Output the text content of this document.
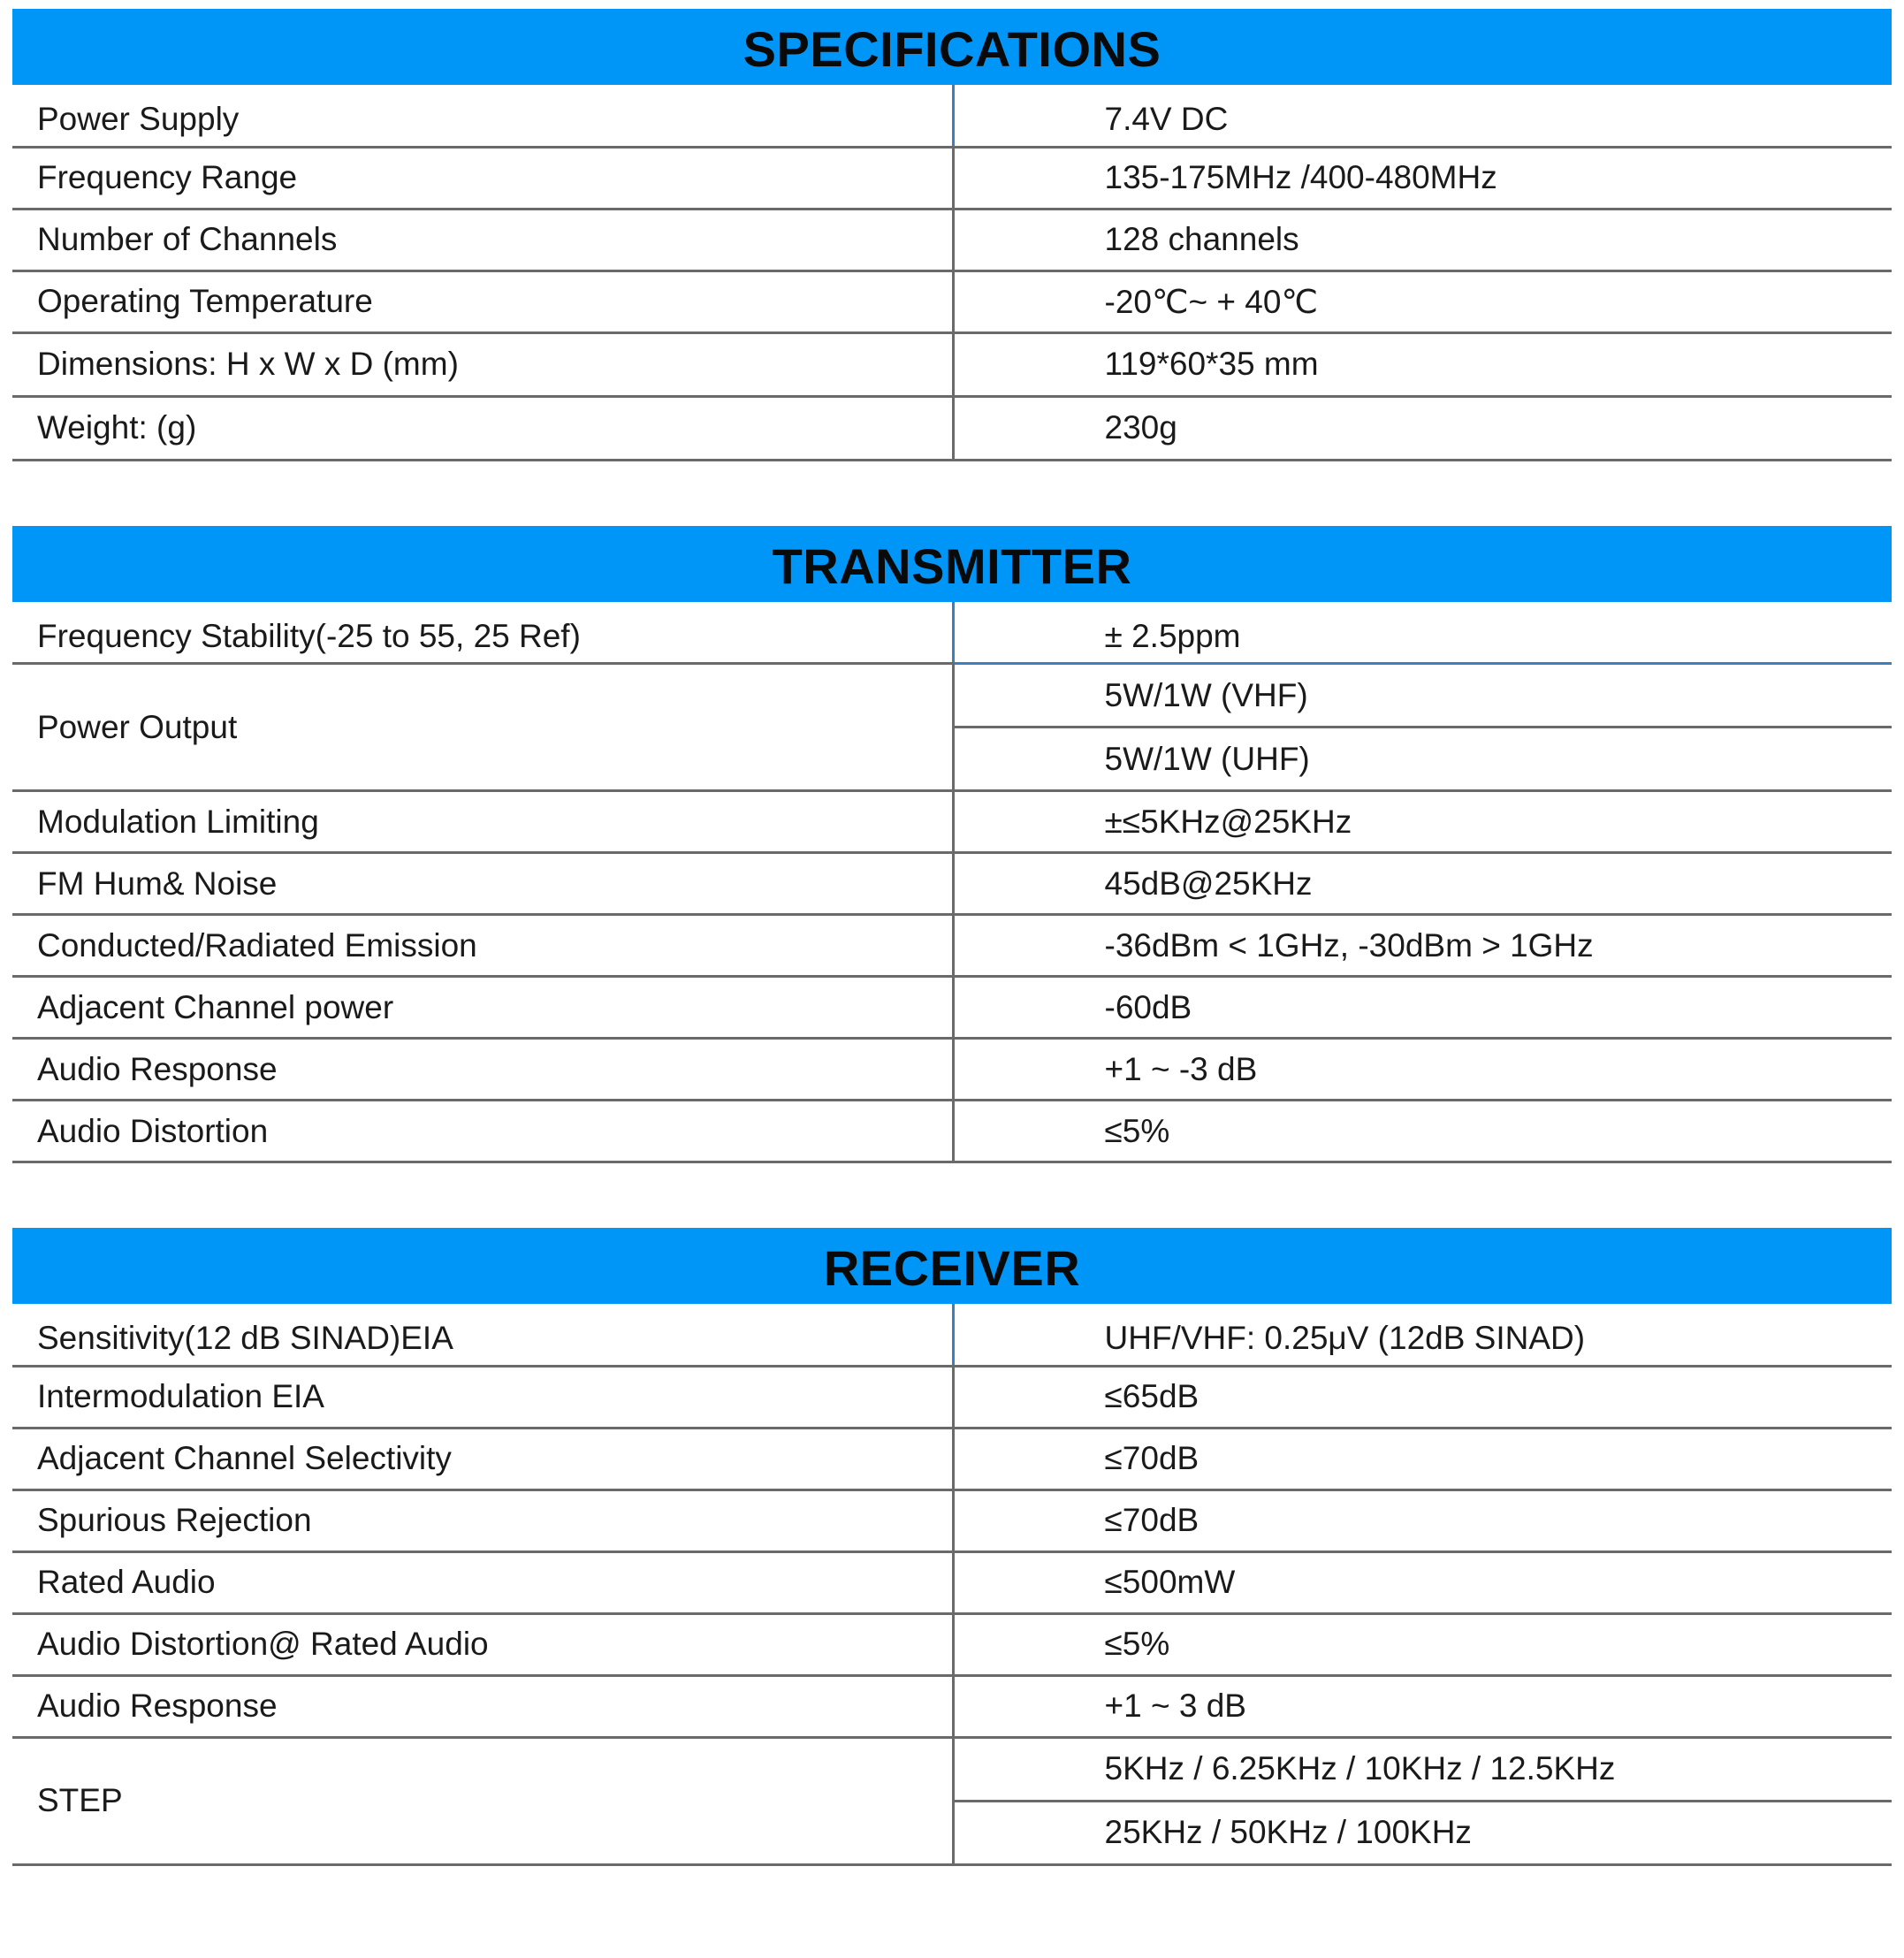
SPECIFICATIONS
Power Supply	7.4V DC
Frequency Range	135-175MHz /400-480MHz
Number of Channels	128 channels
Operating Temperature	-20℃~ + 40℃
Dimensions: H x W x D (mm)	119*60*35 mm
Weight: (g)	230g
TRANSMITTER
Frequency Stability(-25 to 55, 25 Ref)	± 2.5ppm
Power Output	5W/1W (VHF)
	5W/1W (UHF)
Modulation Limiting	±≤5KHz@25KHz
FM Hum& Noise	45dB@25KHz
Conducted/Radiated Emission	-36dBm < 1GHz, -30dBm > 1GHz
Adjacent Channel power	-60dB
Audio Response	+1 ~ -3 dB
Audio Distortion	≤5%
RECEIVER
Sensitivity(12 dB SINAD)EIA	UHF/VHF: 0.25μV (12dB SINAD)
Intermodulation EIA	≤65dB
Adjacent Channel Selectivity	≤70dB
Spurious Rejection	≤70dB
Rated Audio	≤500mW
Audio Distortion@ Rated Audio	≤5%
Audio Response	+1 ~ 3 dB
STEP	5KHz / 6.25KHz / 10KHz / 12.5KHz
	25KHz / 50KHz / 100KHz
